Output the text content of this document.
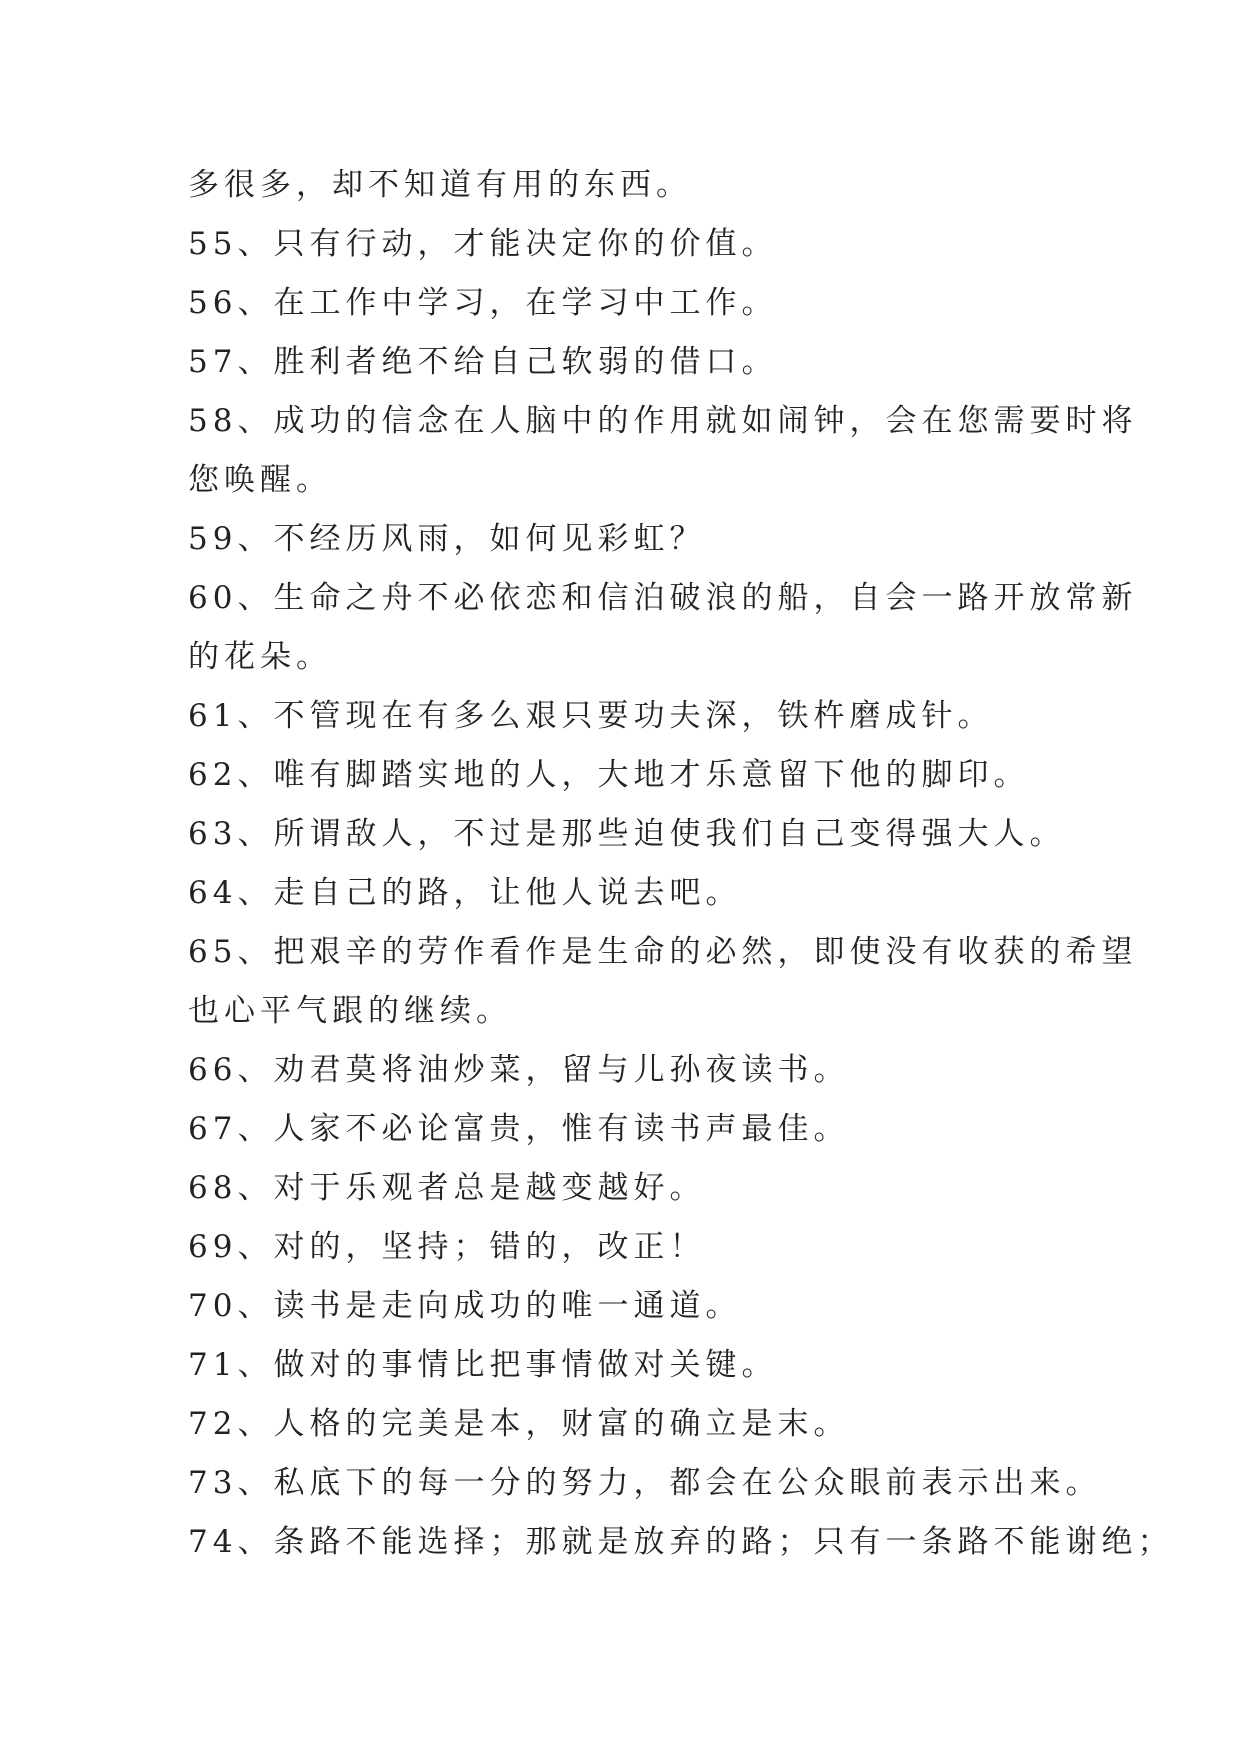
多很多，却不知道有用的东西。
55、只有行动，才能决定你的价值。
56、在工作中学习，在学习中工作。
57、胜利者绝不给自己软弱的借口。
58、成功的信念在人脑中的作用就如闹钟，会在您需要时将
您唤醒。
59、不经历风雨，如何见彩虹？
60、生命之舟不必依恋和信泊破浪的船，自会一路开放常新
的花朵。
61、不管现在有多么艰只要功夫深，铁杵磨成针。
62、唯有脚踏实地的人，大地才乐意留下他的脚印。
63、所谓敌人，不过是那些迫使我们自己变得强大人。
64、走自己的路，让他人说去吧。
65、把艰辛的劳作看作是生命的必然，即使没有收获的希望
也心平气跟的继续。
66、劝君莫将油炒菜，留与儿孙夜读书。
67、人家不必论富贵，惟有读书声最佳。
68、对于乐观者总是越变越好。
69、对的，坚持；错的，改正！
70、读书是走向成功的唯一通道。
71、做对的事情比把事情做对关键。
72、人格的完美是本，财富的确立是末。
73、私底下的每一分的努力，都会在公众眼前表示出来。
74、条路不能选择；那就是放弃的路；只有一条路不能谢绝；
